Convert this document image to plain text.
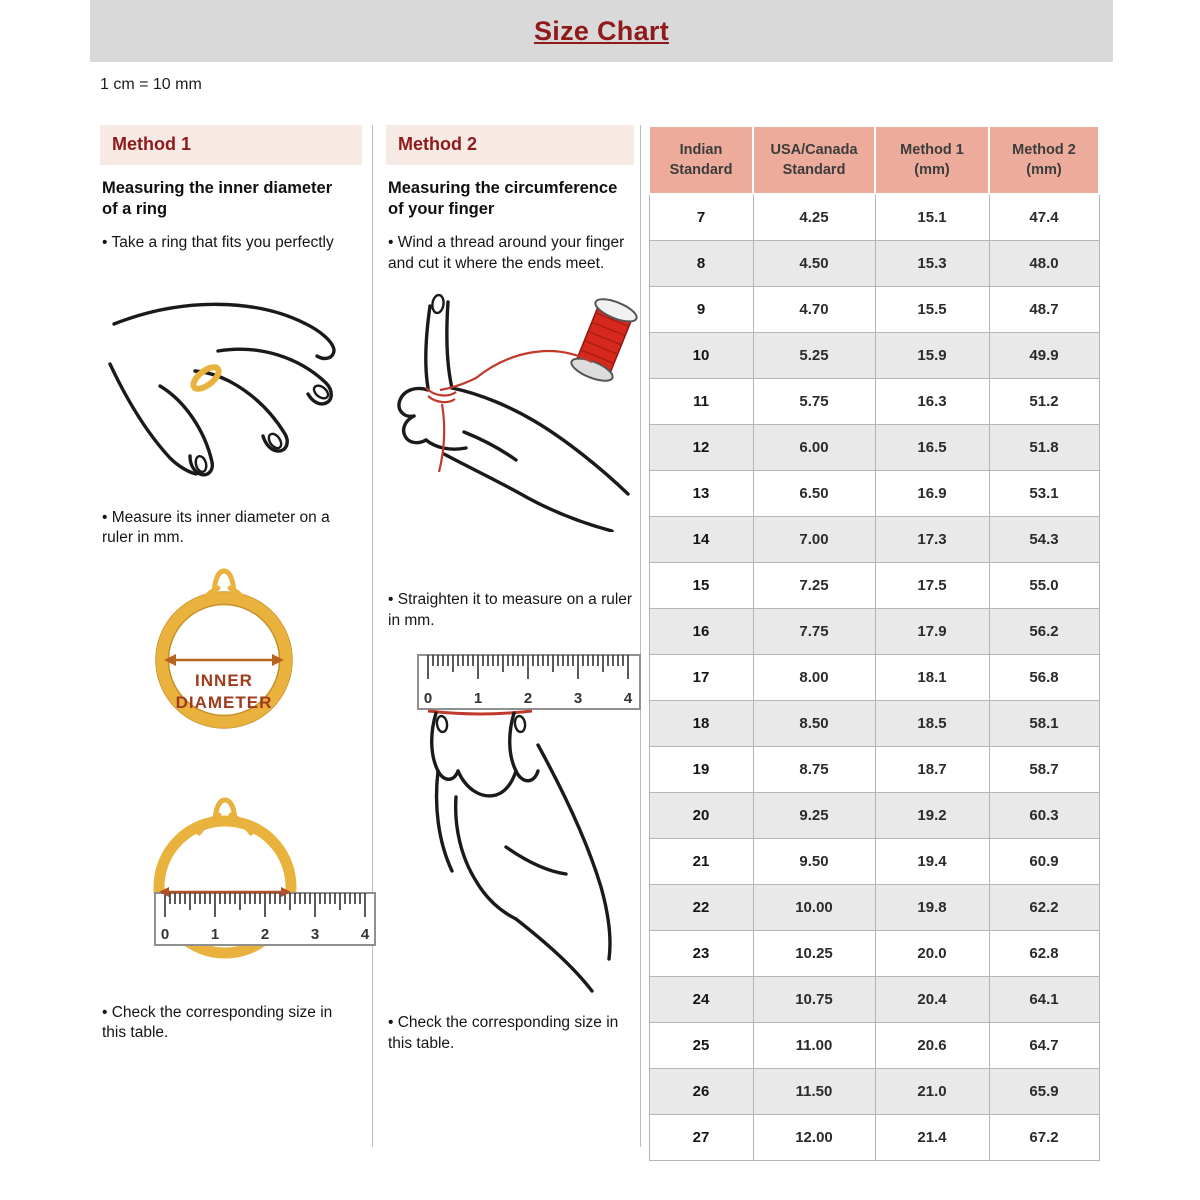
Size Chart
1 cm = 10 mm
Method 1
Measuring the inner diameter of a ring
• Take a ring that fits you perfectly
• Measure its inner diameter on a ruler in mm.
INNER
DIAMETER
0	1	2	3	4
• Check the corresponding size in this table.
Method 2
Measuring the circumference of your finger
• Wind a thread around your finger and cut it where the ends meet.
• Straighten it to measure on a ruler in mm.
0	1	2	3	4
• Check the corresponding size in this table.
Indian Standard	USA/Canada Standard	Method 1 (mm)	Method 2 (mm)
7	4.25	15.1	47.4
8	4.50	15.3	48.0
9	4.70	15.5	48.7
10	5.25	15.9	49.9
11	5.75	16.3	51.2
12	6.00	16.5	51.8
13	6.50	16.9	53.1
14	7.00	17.3	54.3
15	7.25	17.5	55.0
16	7.75	17.9	56.2
17	8.00	18.1	56.8
18	8.50	18.5	58.1
19	8.75	18.7	58.7
20	9.25	19.2	60.3
21	9.50	19.4	60.9
22	10.00	19.8	62.2
23	10.25	20.0	62.8
24	10.75	20.4	64.1
25	11.00	20.6	64.7
26	11.50	21.0	65.9
27	12.00	21.4	67.2
